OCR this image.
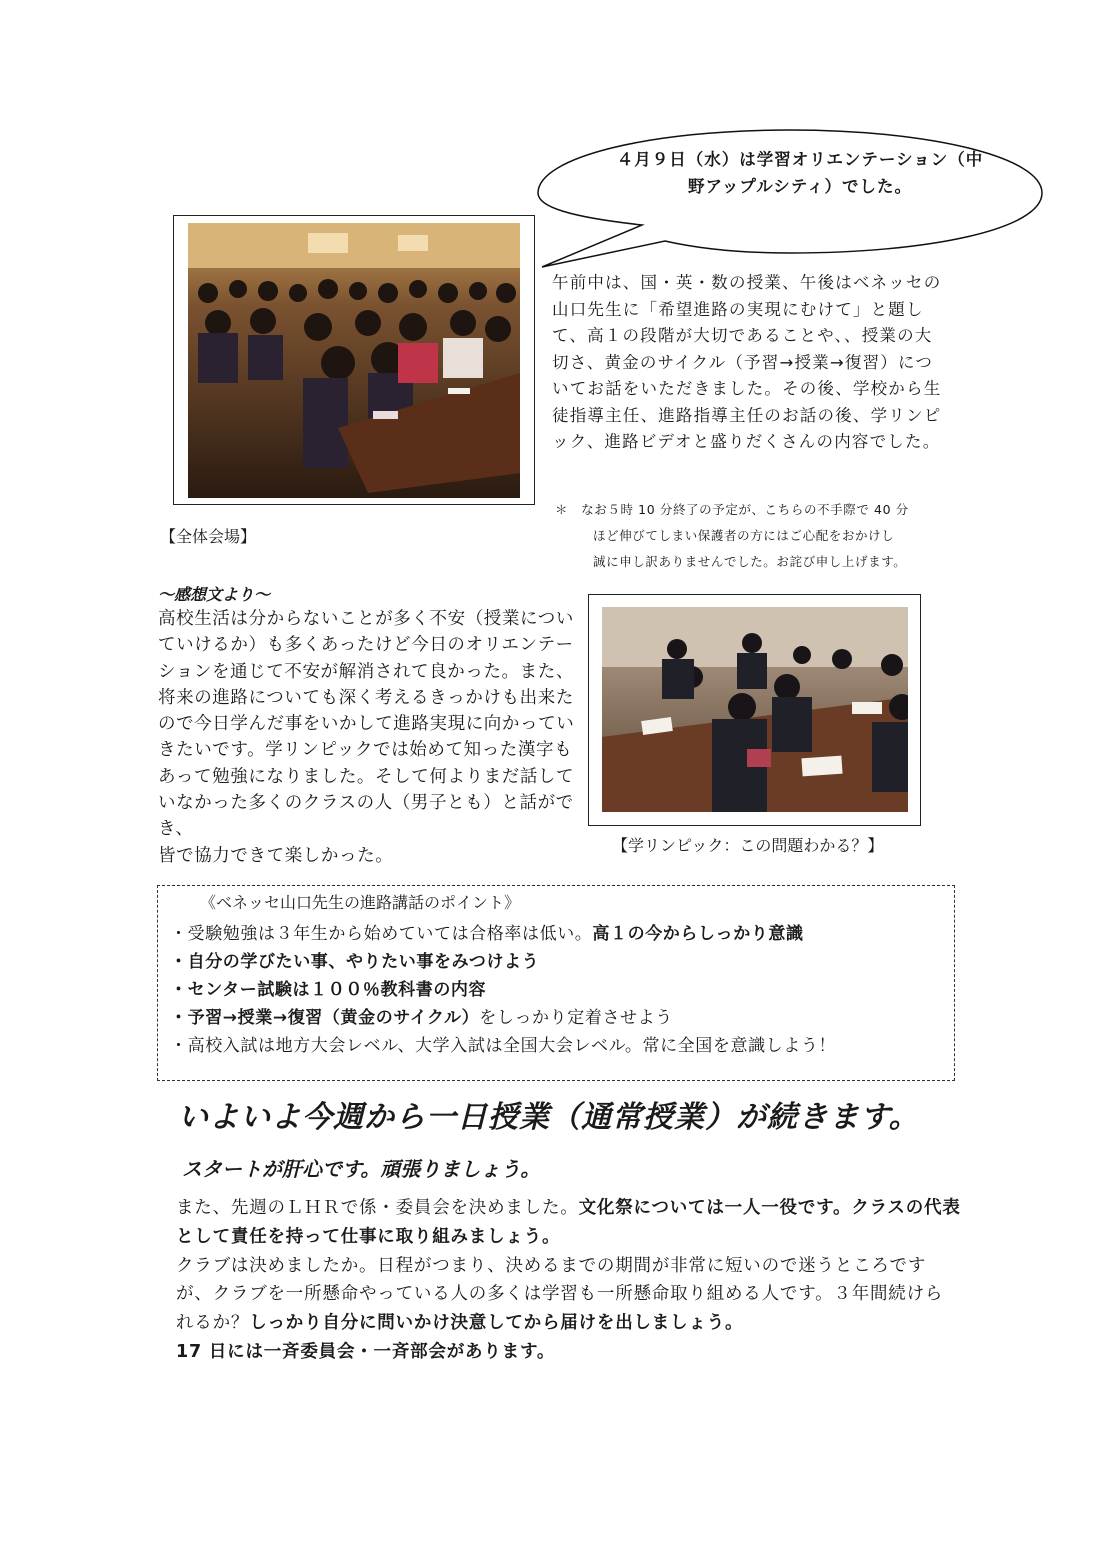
４月９日（水）は学習オリエンテーション（中野アップルシティ）でした。
【全体会場】
午前中は、国・英・数の授業、午後はベネッセの山口先生に「希望進路の実現にむけて」と題して、高１の段階が大切であることや、、授業の大切さ、黄金のサイクル（予習→授業→復習）についてお話をいただきました。その後、学校から生徒指導主任、進路指導主任のお話の後、学リンピック、進路ビデオと盛りだくさんの内容でした。
＊　なお５時 10 分終了の予定が、こちらの不手際で 40 分
ほど伸びてしまい保護者の方にはご心配をおかけし
誠に申し訳ありませんでした。お詫び申し上げます。
～感想文より～
高校生活は分からないことが多く不安（授業についていけるか）も多くあったけど今日のオリエンテーションを通じて不安が解消されて良かった。また、将来の進路についても深く考えるきっかけも出来たので今日学んだ事をいかして進路実現に向かっていきたいです。学リンピックでは始めて知った漢字もあって勉強になりました。そして何よりまだ話していなかった多くのクラスの人（男子とも）と話ができ、
皆で協力できて楽しかった。
【学リンピック：この問題わかる？】
《ベネッセ山口先生の進路講話のポイント》
・受験勉強は３年生から始めていては合格率は低い。高１の今からしっかり意識
・自分の学びたい事、やりたい事をみつけよう
・センター試験は１００％教科書の内容
・予習→授業→復習（黄金のサイクル）をしっかり定着させよう
・高校入試は地方大会レベル、大学入試は全国大会レベル。常に全国を意識しよう！
いよいよ今週から一日授業（通常授業）が続きます。
スタートが肝心です。頑張りましょう。
また、先週のＬＨＲで係・委員会を決めました。文化祭については一人一役です。クラスの代表として責任を持って仕事に取り組みましょう。
クラブは決めましたか。日程がつまり、決めるまでの期間が非常に短いので迷うところですが、クラブを一所懸命やっている人の多くは学習も一所懸命取り組める人です。３年間続けられるか？しっかり自分に問いかけ決意してから届けを出しましょう。
17 日には一斉委員会・一斉部会があります。
